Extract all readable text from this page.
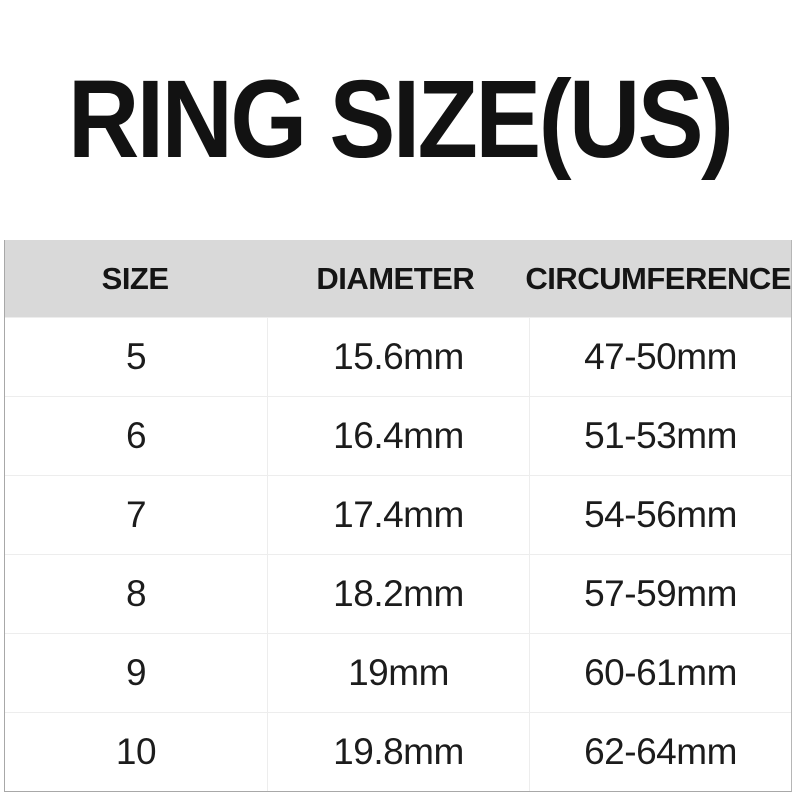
RING SIZE(US)
SIZE	DIAMETER	CIRCUMFERENCE
5	15.6mm	47-50mm
6	16.4mm	51-53mm
7	17.4mm	54-56mm
8	18.2mm	57-59mm
9	19mm	60-61mm
10	19.8mm	62-64mm
